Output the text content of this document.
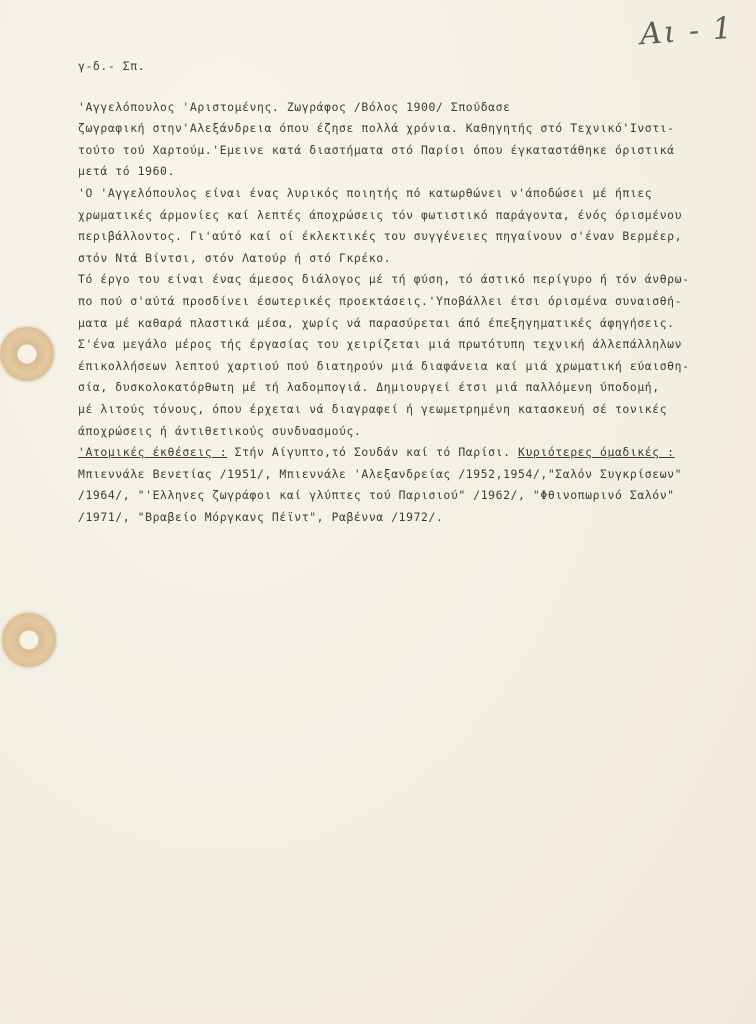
Αι - 1
γ-δ.- Σπ.
'Αγγελόπουλος 'Αριστομένης. Ζωγράφος /Βόλος 1900/ Σπούδασε
ζωγραφική στην'Αλεξάνδρεια όπου έζησε πολλά χρόνια. Καθηγητής στό Τεχνικό'Ινστι-
τούτο τού Χαρτούμ.'Εμεινε κατά διαστήματα στό Παρίσι όπου έγκαταστάθηκε όριστικά
μετά τό 1960.
'Ο 'Αγγελόπουλος είναι ένας λυρικός ποιητής πό κατωρθώνει ν'άποδώσει μέ ήπιες
χρωματικές άρμονίες καί λεπτές άποχρώσεις τόν φωτιστικό παράγοντα, ένός όρισμένου
περιβάλλοντος. Γι'αύτό καί οί έκλεκτικές του συγγένειες πηγαίνουν σ'έναν Βερμέερ,
στόν Ντά Βίντσι, στόν Λατούρ ή στό Γκρέκο.
Τό έργο του είναι ένας άμεσος διάλογος μέ τή φύση, τό άστικό περίγυρο ή τόν άνθρω-
πο πού σ'αύτά προσδίνει έσωτερικές προεκτάσεις.'Υποβάλλει έτσι όρισμένα συναισθή-
ματα μέ καθαρά πλαστικά μέσα, χωρίς νά παρασύρεται άπό έπεξηγηματικές άφηγήσεις.
Σ'ένα μεγάλο μέρος τής έργασίας του χειρίζεται μιά πρωτότυπη τεχνική άλλεπάλληλων
έπικολλήσεων λεπτού χαρτιού πού διατηρούν μιά διαφάνεια καί μιά χρωματική εύαισθη-
σία, δυσκολοκατόρθωτη μέ τή λαδομπογιά. Δημιουργεί έτσι μιά παλλόμενη ύποδομή,
μέ λιτούς τόνους, όπου έρχεται νά διαγραφεί ή γεωμετρημένη κατασκευή σέ τονικές
άποχρώσεις ή άντιθετικούς συνδυασμούς.
'Ατομικές έκθέσεις : Στήν Αίγυπτο,τό Σουδάν καί τό Παρίσι. Κυριότερες όμαδικές :
Μπιεννάλε Βενετίας /1951/, Μπιεννάλε 'Αλεξανδρείας /1952,1954/,"Σαλόν Συγκρίσεων"
/1964/, "'Ελληνες ζωγράφοι καί γλύπτες τού Παρισιού" /1962/, "Φθινοπωρινό Σαλόν"
/1971/, "Βραβείο Μόργκανς Πέϊντ", Ραβέννα /1972/.
